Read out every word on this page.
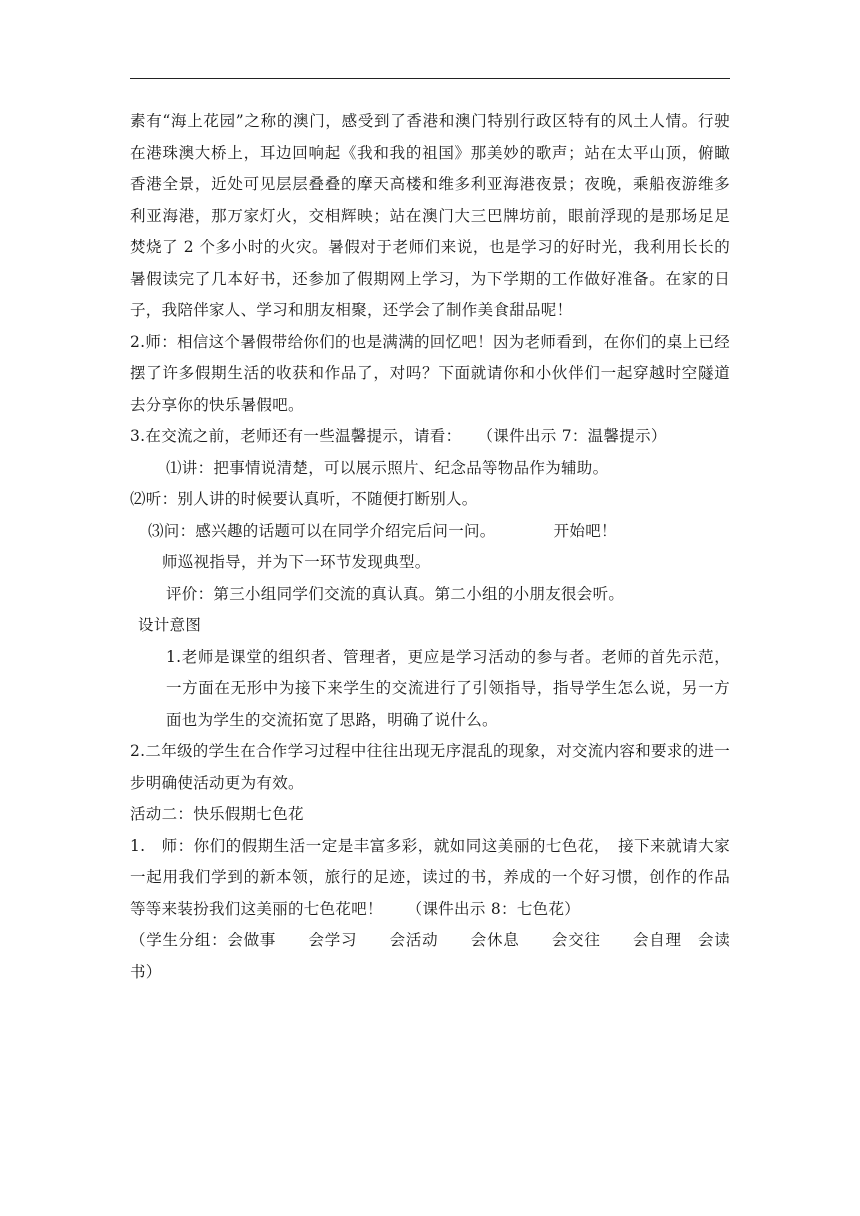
素有“海上花园”之称的澳门，感受到了香港和澳门特别行政区特有的风土人情。行驶在港珠澳大桥上，耳边回响起《我和我的祖国》那美妙的歌声；站在太平山顶，俯瞰香港全景，近处可见层层叠叠的摩天高楼和维多利亚海港夜景；夜晚，乘船夜游维多利亚海港，那万家灯火，交相辉映；站在澳门大三巴牌坊前，眼前浮现的是那场足足焚烧了 2 个多小时的火灾。暑假对于老师们来说，也是学习的好时光，我利用长长的暑假读完了几本好书，还参加了假期网上学习，为下学期的工作做好准备。在家的日子，我陪伴家人、学习和朋友相聚，还学会了制作美食甜品呢！

2.师：相信这个暑假带给你们的也是满满的回忆吧！因为老师看到，在你们的桌上已经摆了许多假期生活的收获和作品了，对吗？下面就请你和小伙伴们一起穿越时空隧道去分享你的快乐暑假吧。

3.在交流之前，老师还有一些温馨提示，请看：　　（课件出示 7：温馨提示）

⑴讲：把事情说清楚，可以展示照片、纪念品等物品作为辅助。

⑵听：别人讲的时候要认真听，不随便打断别人。

⑶问：感兴趣的话题可以在同学介绍完后问一问。	开始吧！

师巡视指导，并为下一环节发现典型。

评价：第三小组同学们交流的真认真。第二小组的小朋友很会听。

设计意图

1.老师是课堂的组织者、管理者，更应是学习活动的参与者。老师的首先示范，一方面在无形中为接下来学生的交流进行了引领指导，指导学生怎么说，另一方面也为学生的交流拓宽了思路，明确了说什么。

2.二年级的学生在合作学习过程中往往出现无序混乱的现象，对交流内容和要求的进一步明确使活动更为有效。

活动二：快乐假期七色花

1.　师：你们的假期生活一定是丰富多彩，就如同这美丽的七色花，　接下来就请大家一起用我们学到的新本领，旅行的足迹，读过的书，养成的一个好习惯，创作的作品等等来装扮我们这美丽的七色花吧！　　（课件出示 8：七色花）

（学生分组：会做事　　会学习　　会活动　　会休息　　会交往　　会自理　会读书）
